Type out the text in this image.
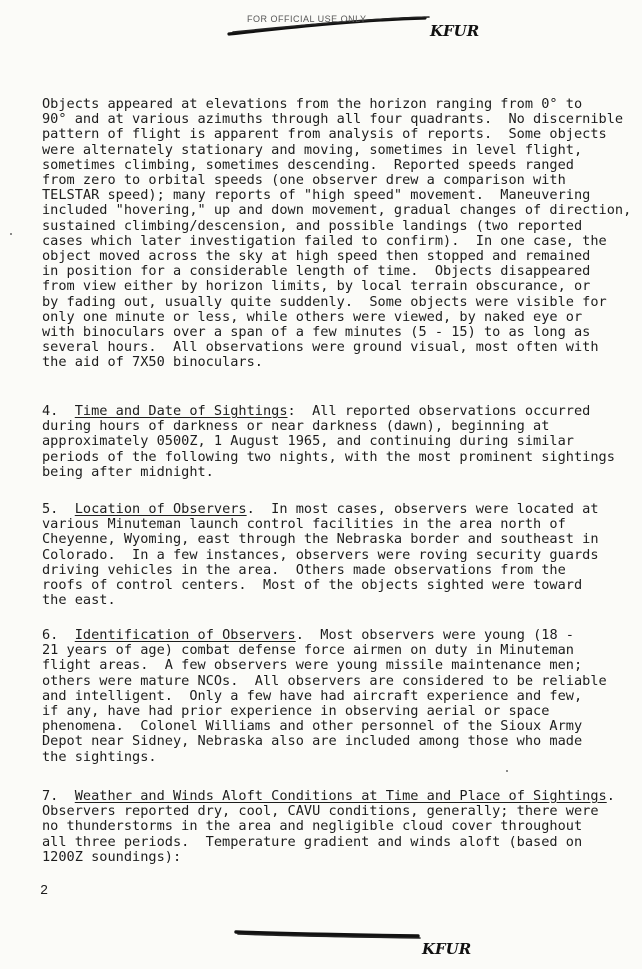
FOR OFFICIAL USE ONLY
KFUR
Objects appeared at elevations from the horizon ranging from 0° to
90° and at various azimuths through all four quadrants.  No discernible
pattern of flight is apparent from analysis of reports.  Some objects
were alternately stationary and moving, sometimes in level flight,
sometimes climbing, sometimes descending.  Reported speeds ranged
from zero to orbital speeds (one observer drew a comparison with
TELSTAR speed); many reports of "high speed" movement.  Maneuvering
included "hovering," up and down movement, gradual changes of direction,
sustained climbing/descension, and possible landings (two reported
cases which later investigation failed to confirm).  In one case, the
object moved across the sky at high speed then stopped and remained
in position for a considerable length of time.  Objects disappeared
from view either by horizon limits, by local terrain obscurance, or
by fading out, usually quite suddenly.  Some objects were visible for
only one minute or less, while others were viewed, by naked eye or
with binoculars over a span of a few minutes (5 - 15) to as long as
several hours.  All observations were ground visual, most often with
the aid of 7X50 binoculars.
4. Time and Date of Sightings:  All reported observations occurred
during hours of darkness or near darkness (dawn), beginning at
approximately 0500Z, 1 August 1965, and continuing during similar
periods of the following two nights, with the most prominent sightings
being after midnight.
5. Location of Observers.  In most cases, observers were located at
various Minuteman launch control facilities in the area north of
Cheyenne, Wyoming, east through the Nebraska border and southeast in
Colorado.  In a few instances, observers were roving security guards
driving vehicles in the area.  Others made observations from the
roofs of control centers.  Most of the objects sighted were toward
the east.
6. Identification of Observers.  Most observers were young (18 -
21 years of age) combat defense force airmen on duty in Minuteman
flight areas.  A few observers were young missile maintenance men;
others were mature NCOs.  All observers are considered to be reliable
and intelligent.  Only a few have had aircraft experience and few,
if any, have had prior experience in observing aerial or space
phenomena.  Colonel Williams and other personnel of the Sioux Army
Depot near Sidney, Nebraska also are included among those who made
the sightings.
7. Weather and Winds Aloft Conditions at Time and Place of Sightings.
Observers reported dry, cool, CAVU conditions, generally; there were
no thunderstorms in the area and negligible cloud cover throughout
all three periods.  Temperature gradient and winds aloft (based on
1200Z soundings):
2
KFUR
